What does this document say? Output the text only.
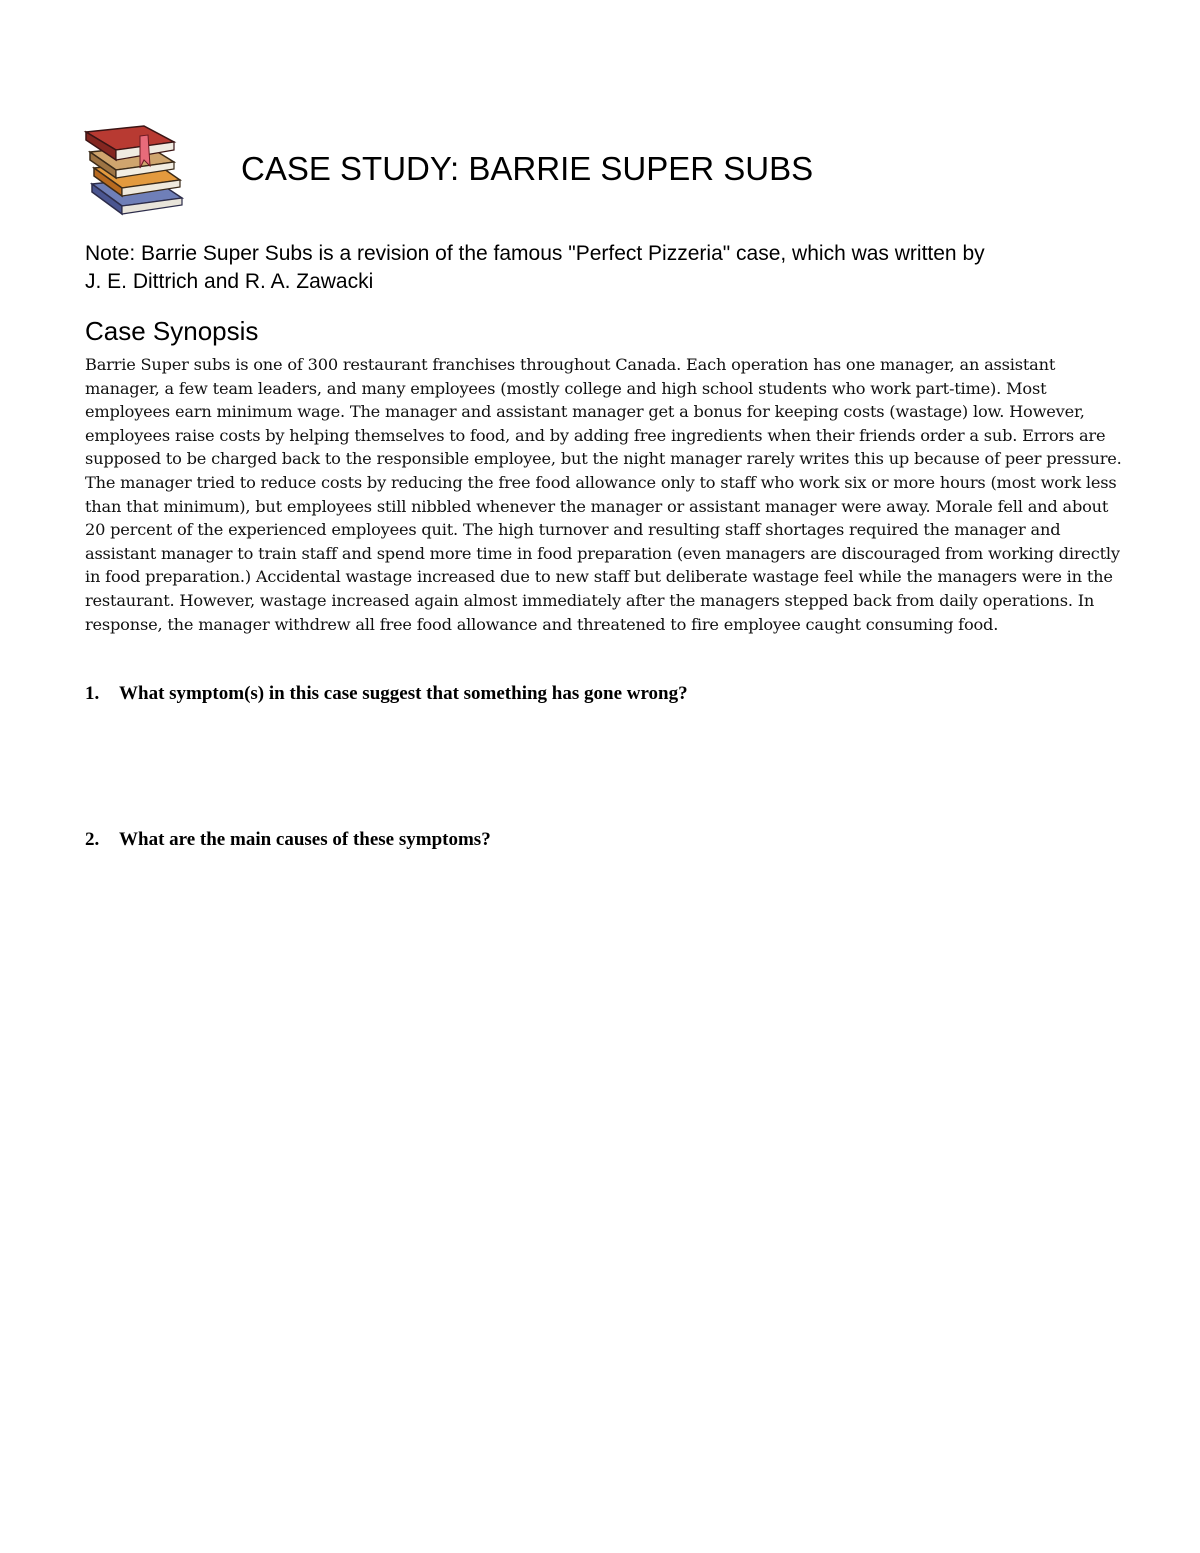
CASE STUDY: BARRIE SUPER SUBS

Note: Barrie Super Subs is a revision of the famous "Perfect Pizzeria" case, which was written by
J. E. Dittrich and R. A. Zawacki

Case Synopsis

Barrie Super subs is one of 300 restaurant franchises throughout Canada. Each operation has one manager, an assistant manager, a few team leaders, and many employees (mostly college and high school students who work part-time). Most employees earn minimum wage. The manager and assistant manager get a bonus for keeping costs (wastage) low. However, employees raise costs by helping themselves to food, and by adding free ingredients when their friends order a sub. Errors are supposed to be charged back to the responsible employee, but the night manager rarely writes this up because of peer pressure. The manager tried to reduce costs by reducing the free food allowance only to staff who work six or more hours (most work less than that minimum), but employees still nibbled whenever the manager or assistant manager were away. Morale fell and about 20 percent of the experienced employees quit. The high turnover and resulting staff shortages required the manager and assistant manager to train staff and spend more time in food preparation (even managers are discouraged from working directly in food preparation.) Accidental wastage increased due to new staff but deliberate wastage feel while the managers were in the restaurant. However, wastage increased again almost immediately after the managers stepped back from daily operations. In response, the manager withdrew all free food allowance and threatened to fire employee caught consuming food.

1. What symptom(s) in this case suggest that something has gone wrong?

2. What are the main causes of these symptoms?
